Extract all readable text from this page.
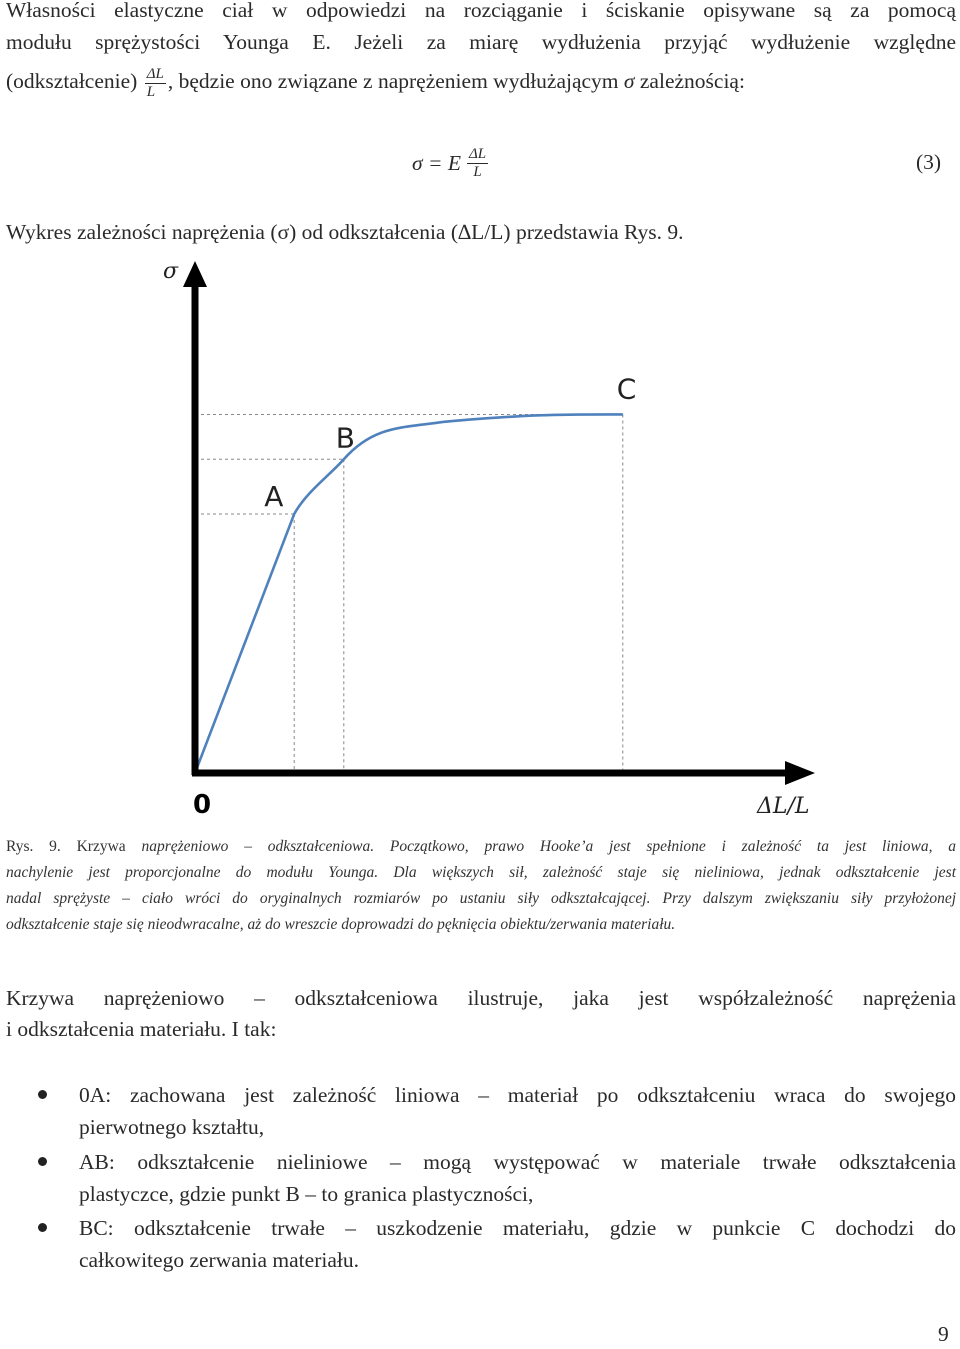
Własności elastyczne ciał w odpowiedzi na rozciąganie i ściskanie opisywane są za pomocą
modułu sprężystości Younga E. Jeżeli za miarę wydłużenia przyjąć wydłużenie względne
(odkształcenie) $\frac{\Delta L}{L}$ , będzie ono związane z naprężeniem wydłużającym σ zależnością:
σ = E $\frac{\Delta L}{L}$	(3)
Wykres zależności naprężenia (σ) od odkształcenia (∆L/L) przedstawia Rys. 9.
σ
ΔL/L
0
A
B
C
Rys. 9. Krzywa naprężeniowo – odkształceniowa. Początkowo, prawo Hooke’a jest spełnione i zależność ta jest liniowa, a
nachylenie jest proporcjonalne do modułu Younga. Dla większych sił, zależność staje się nieliniowa, jednak odkształcenie jest
nadal sprężyste – ciało wróci do oryginalnych rozmiarów po ustaniu siły odkształcającej. Przy dalszym zwiększaniu siły przyłożonej
odkształcenie staje się nieodwracalne, aż do wreszcie doprowadzi do pęknięcia obiektu/zerwania materiału.
Krzywa naprężeniowo – odkształceniowa ilustruje, jaka jest współzależność naprężenia
i odkształcenia materiału. I tak:
0A: zachowana jest zależność liniowa – materiał po odkształceniu wraca do swojego
pierwotnego kształtu,
AB: odkształcenie nieliniowe – mogą występować w materiale trwałe odkształcenia
plastyczce, gdzie punkt B – to granica plastyczności,
BC: odkształcenie trwałe – uszkodzenie materiału, gdzie w punkcie C dochodzi do
całkowitego zerwania materiału.
9
